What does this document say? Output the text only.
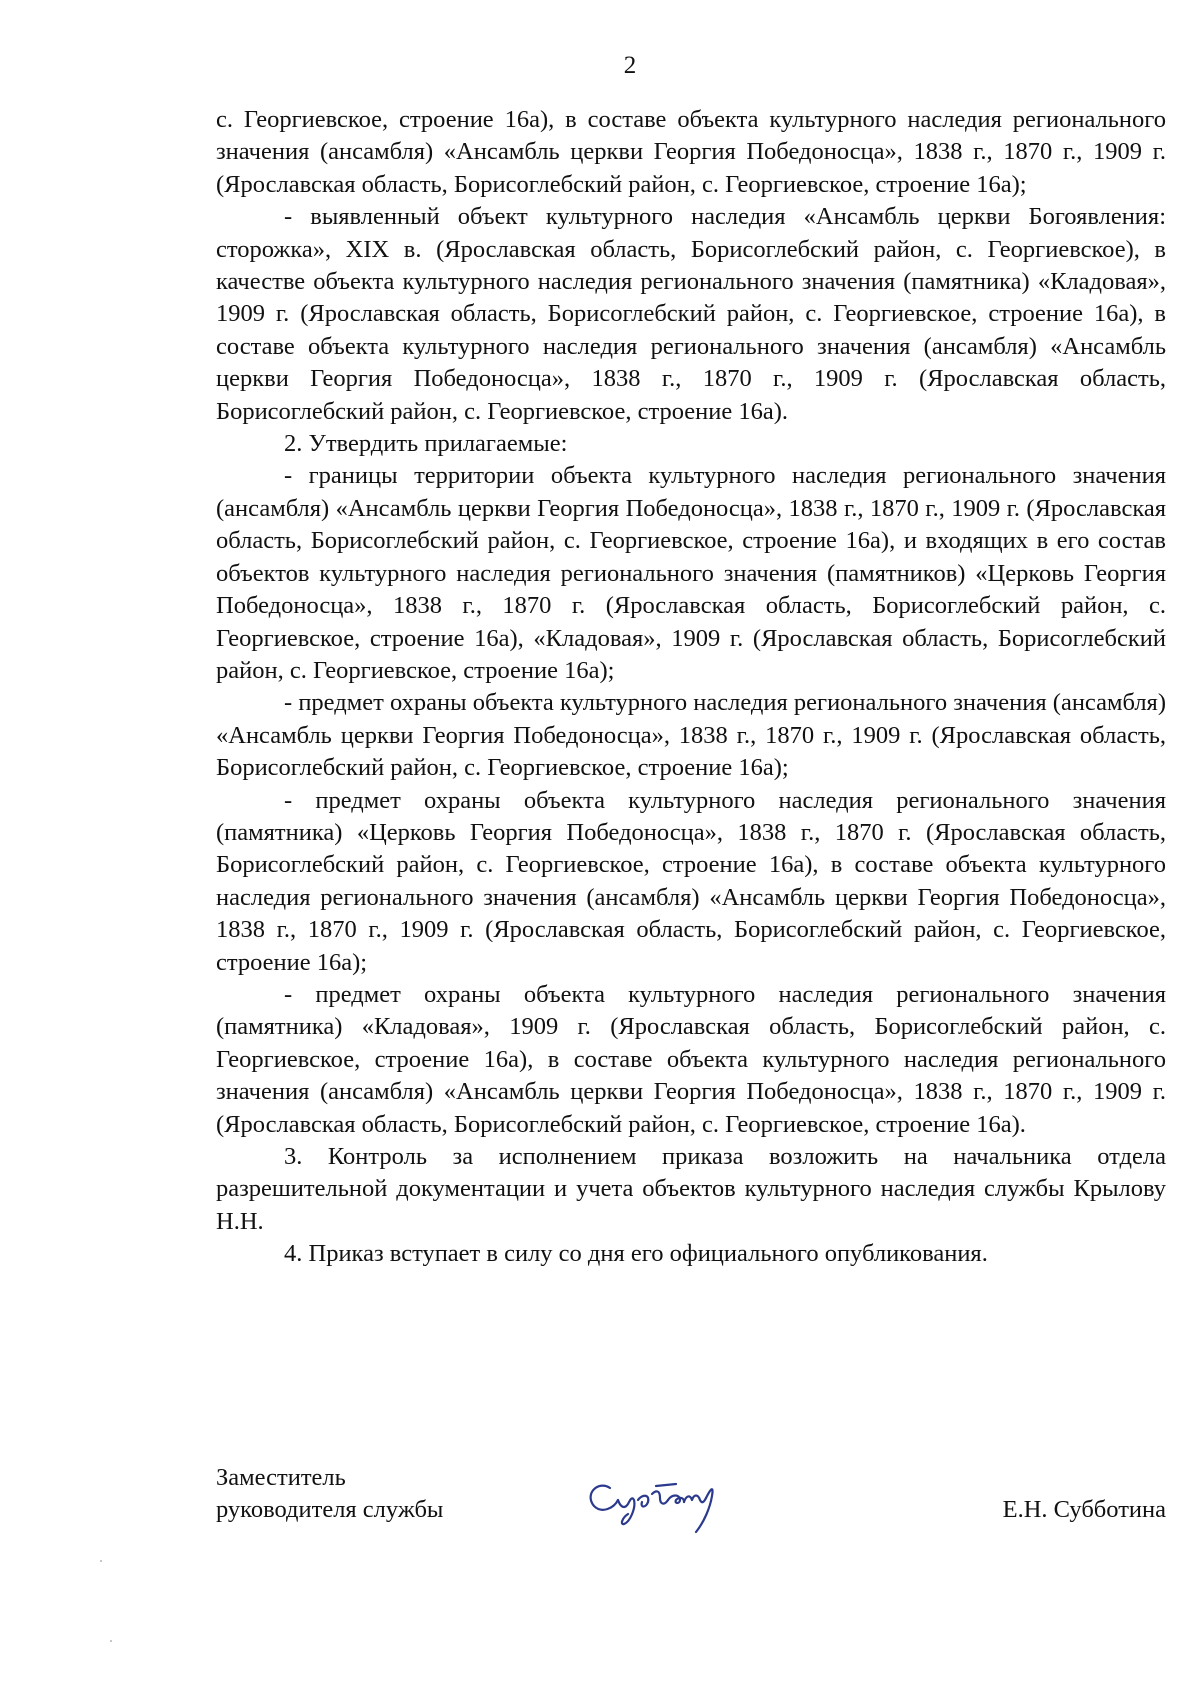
2

с. Георгиевское, строение 16а), в составе объекта культурного наследия регионального значения (ансамбля) «Ансамбль церкви Георгия Победоносца», 1838 г., 1870 г., 1909 г. (Ярославская область, Борисоглебский район, с. Георгиевское, строение 16а);

- выявленный объект культурного наследия «Ансамбль церкви Богоявления: сторожка», XIX в. (Ярославская область, Борисоглебский район, с. Георгиевское), в качестве объекта культурного наследия регионального значения (памятника) «Кладовая», 1909 г. (Ярославская область, Борисоглебский район, с. Георгиевское, строение 16а), в составе объекта культурного наследия регионального значения (ансамбля) «Ансамбль церкви Георгия Победоносца», 1838 г., 1870 г., 1909 г. (Ярославская область, Борисоглебский район, с. Георгиевское, строение 16а).

2. Утвердить прилагаемые:

- границы территории объекта культурного наследия регионального значения (ансамбля) «Ансамбль церкви Георгия Победоносца», 1838 г., 1870 г., 1909 г. (Ярославская область, Борисоглебский район, с. Георгиевское, строение 16а), и входящих в его состав объектов культурного наследия регионального значения (памятников) «Церковь Георгия Победоносца», 1838 г., 1870 г. (Ярославская область, Борисоглебский район, с. Георгиевское, строение 16а), «Кладовая», 1909 г. (Ярославская область, Борисоглебский район, с. Георгиевское, строение 16а);

- предмет охраны объекта культурного наследия регионального значения (ансамбля) «Ансамбль церкви Георгия Победоносца», 1838 г., 1870 г., 1909 г. (Ярославская область, Борисоглебский район, с. Георгиевское, строение 16а);

- предмет охраны объекта культурного наследия регионального значения (памятника) «Церковь Георгия Победоносца», 1838 г., 1870 г. (Ярославская область, Борисоглебский район, с. Георгиевское, строение 16а), в составе объекта культурного наследия регионального значения (ансамбля) «Ансамбль церкви Георгия Победоносца», 1838 г., 1870 г., 1909 г. (Ярославская область, Борисоглебский район, с. Георгиевское, строение 16а);

- предмет охраны объекта культурного наследия регионального значения (памятника) «Кладовая», 1909 г. (Ярославская область, Борисоглебский район, с. Георгиевское, строение 16а), в составе объекта культурного наследия регионального значения (ансамбля) «Ансамбль церкви Георгия Победоносца», 1838 г., 1870 г., 1909 г. (Ярославская область, Борисоглебский район, с. Георгиевское, строение 16а).

3. Контроль за исполнением приказа возложить на начальника отдела разрешительной документации и учета объектов культурного наследия службы Крылову Н.Н.

4. Приказ вступает в силу со дня его официального опубликования.

Заместитель
руководителя службы	Е.Н. Субботина
